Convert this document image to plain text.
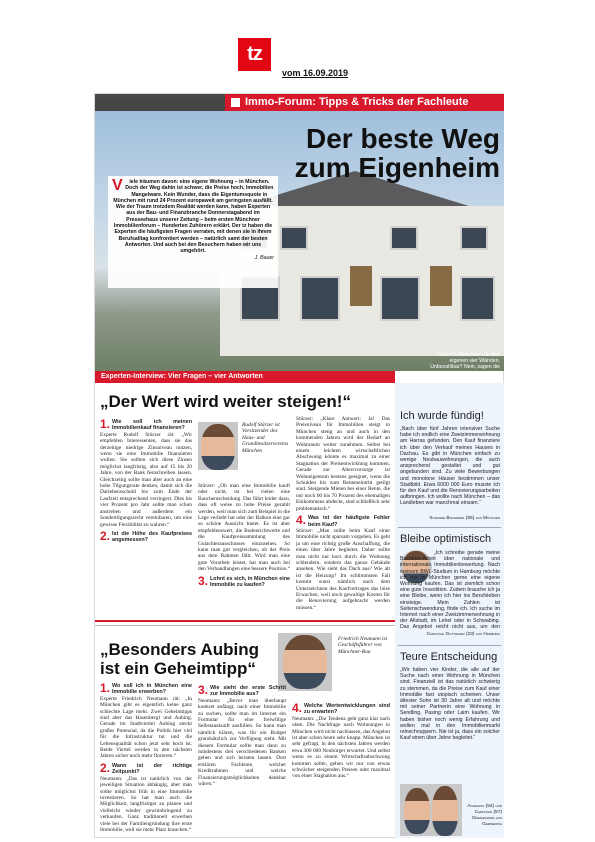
tz
vom 16.09.2019
Immo-Forum: Tipps & Tricks der Fachleute
Der beste Weg
zum Eigenheim
V iele träumen davon: eine eigene Wohnung – in München. Doch der Weg dahin ist schwer, die Preise hoch, Immobilien Mangelware. Kein Wunder, dass die Eigentumsquote in München mit rund 24 Prozent europaweit am geringsten ausfällt. Wie der Traum trotzdem Realität werden kann, haben Experten aus der Bau- und Finanzbranche Donnerstagabend im Presseehaus unserer Zeitung – beim ersten Münchner Immobilienforum – Hunderten Zuhörern erklärt. Der tz haben die Experten die häufigsten Fragen verraten, mit denen sie in ihrem Berufsalltag konfrontiert werden – natürlich samt der besten Antworten. Und auch bei den Besuchern haben wir uns umgehört.
J. Bauer
Leben in München – in den eigenen vier Wänden. Unbezahlbar? Nein, sagen die Experten
F. Schmidbuber
Experten-Interview: Vier Fragen – vier Antworten
„Der Wert wird weiter steigen!“
1. Wie soll ich meinen Immobilienkauf finanzieren?
Experte Rudolf Stürzer rät: „Wir empfehlen Interessenten, dass sie das derzeitige niedrige Zinsniveau nutzen, wenn sie eine Immobilie finanzieren wollen. Sie sollten sich diese Zinsen möglichst langfristig, also auf 15 bis 20 Jahre, von der Bank festschreiben lassen. Gleichzeitig sollte man aber auch an eine hohe Tilgungsrate denken, damit sich die Darlehensschuld bis zum Ende der Laufzeit entsprechend verringert. Dies bis vier Prozent pro Jahr sollte man schon anstreben und außerdem ein Sondertilgungsrecht vereinbaren, um eine gewisse Flexibilität zu wahren.“
2. Ist die Höhe des Kaufpreises angemessen?
Rudolf Stürzer ist Vorsitzender des Haus- und Grundbesitzervereins München
Stürzer: „Ob man eine Immobilie kauft oder nicht, ist bei vielen eine Bauchentscheidung. Das führt leider dazu, dass oft weise zu hohe Preise gezahlt werden, weil man sich zum Beispiel in die Lage verliebt hat oder der Balkon eine gar so schöne Aussicht bietet. Es ist aber empfehlenswert, die Bodenrichtwerte und die Kaufpreissammlung des Gutachterausschusses einzusehen. So kann man gut vergleichen, ob der Preis aus dem Rahmen fällt. Wird man eine gute Vorarbeit leistet, hat man auch bei den Verhandlungen eine bessere Position.“
3. Lohnt es sich, in München eine Immobilie zu kaufen?
Stürzer: „Klare Antwort: Ja! Das Preisniveau für Immobilien steigt in München stetig an und auch in den kommenden Jahren wird der Bedarf an Wohnraum weiter zunehmen. Selbst bei einem leichten wirtschaftlichen Abschwung könnte es maximal zu einer Stagnation der Preisentwicklung kommen. Gerade zur Altersvorsorge ist Wohneigentum bestens geeignet, wenn die Schulden bis zum Renteneintritt getilgt sind. Steigende Mieten bei einer Rente, die nur noch 60 bis 70 Prozent des ehemaligen Einkommens abdeckt, sind schließlich sehr problematisch.“
4. Was ist der häufigste Fehler beim Kauf?
Stürzer: „Man sollte beim Kauf einer Immobilie nicht sparsam vorgehen. Es geht ja um eine richtig große Anschaffung, die einen über Jahre begleitet. Daher sollte man nicht nur kurz durch die Wohnung schlendern, sondern das ganze Gebäude ansehen. Wie sieht das Dach aus? Wie alt ist die Heizung? Im schlimmsten Fall kommt sonst nämlich nach dem Unterzeichnen des Kaufvertrages das böse Erwachen, weil noch gewaltige Kosten für die Renovierung aufgebracht werden müssen.“
„Besonders Aubing
ist ein Geheimtipp“
Friedrich Neumann ist Geschäftsführer von Münchner-Bau
1. Wo soll ich in München eine Immobilie erwerben?
Experte Friedrich Neumann rät: „In München gibt es eigentlich keine ganz schlechte Lage mehr. Zwei Geheimtipps sind aber das Hasenbergl und Aubing. Gerade im Stadtviertel Aubing steckt großes Potenzial, da die Politik hier viel für die Infrastruktur tut und die Lebensqualität schon jetzt sehr hoch ist. Beide Viertel werden in den nächsten Jahren sicher noch mehr florieren.“
2. Wann ist der richtige Zeitpunkt?
Neumann: „Das ist natürlich von der jeweiligen Situation abhängig, aber man sollte möglichst früh in eine Immobilie investieren. So hat man auch die Möglichkeit, langfristiger zu planen und vielleicht wieder gewinnbringend zu verkaufen. Ganz traditionell erwerben viele bei der Familiengründung ihre erste Immobilie, weil sie mehr Platz brauchen.“
3. Wie sieht der erste Schritt zur Immobilie aus?
Neumann: „Bevor man überhaupt konkret anfängt, nach einer Immobilie zu suchen, sollte man im Internet ein Formular für eine freiwillige Selbstauskunft ausfüllen. So kann man nämlich klären, was für ein Budget grundsätzlich zur Verfügung steht. Mit diesem Formular sollte man dann zu mindestens drei verschiedenen Banken gehen und sich beraten lassen. Dort erklären Fachleute, welcher Kreditrahmen und welche Finanzierungsmöglichkeiten denkbar wären.“
4. Welche Wertentwicklungen sind zu erwarten?
Neumann: „Die Tendenz geht ganz klar nach oben. Die Nachfrage nach Wohnungen in München wird nicht nachlassen, das Angebot ist aber schon heute sehr knapp. München ist sehr gefragt, in den nächsten Jahren werden etwa 300 000 Neubürger erwartet. Und selbst wenn es zu einem Wirtschaftsabschwung kommen sollte, gehen wir nur von etwas schwächer steigenden Preisen oder maximal von einer Stagnation aus.“
Ich wurde fündig!
„Nach über fünf Jahren intensiver Suche habe ich endlich eine Zweizimmerwohnung am Harras gefunden. Den Kauf finanziere ich über den Verkauf meines Hauses in Dachau. Es gibt in München einfach zu wenige Neubauwohnungen, die auch ansprechend gestaltet und gut angebunden sind. Zu viele Bewerbungen und monotone Häuser bestimmen unser Stadtbild. Etwa 6000 000 Euro musste ich für den Kauf und die Renovierungsarbeiten aufbringen. Ich wollte nach München – das Landleben war manchmal einsam.“
Susanne Brandner (55) aus München
Bleibe optimistisch
„Ich schreibe gerade meine Bachelor-Arbeit über nationale und internationale Immobilienbewertung. Nach meinem BWL-Studium in Hamburg möchte ich mir in München gerne eine eigene Wohnung kaufen. Das ist ziemlich schon eine gute Investition. Zudem brauche ich ja eine Bleibe, wenn ich hier ins Berufsleben einsteige. Mein Zahlen ist Seitenschwendung, finde ich. Ich suche im Internet nach einer Zweizimmerwohnung in der Altstadt, im Lehel oder in Schwabing. Das Angebot reicht nicht aus, um den
Christian Gottinger (23) aus Hamburg
Teure Entscheidung
„Wir haben vier Kinder, die alle auf der Suche nach einer Wohnung in München sind. Finanziell ist das natürlich schwierig zu stemmen, da die Preise zum Kauf einer Immobilie fast utopisch scheinen. Unser ältester Sohn ist 30 Jahre alt und möchte mit seiner Partnerin eine Wohnung in Sendling, Pasing oder Laim kaufen. Wir haben bisher noch wenig Erfahrung und wollen mal in den Immobilienmarkt reinschnuppern. Nie ist ja, dass ein solcher Kauf einen über Jahre begleitet.“
Annegina (54) und Christian (57) Dreshnsder aus Germering
